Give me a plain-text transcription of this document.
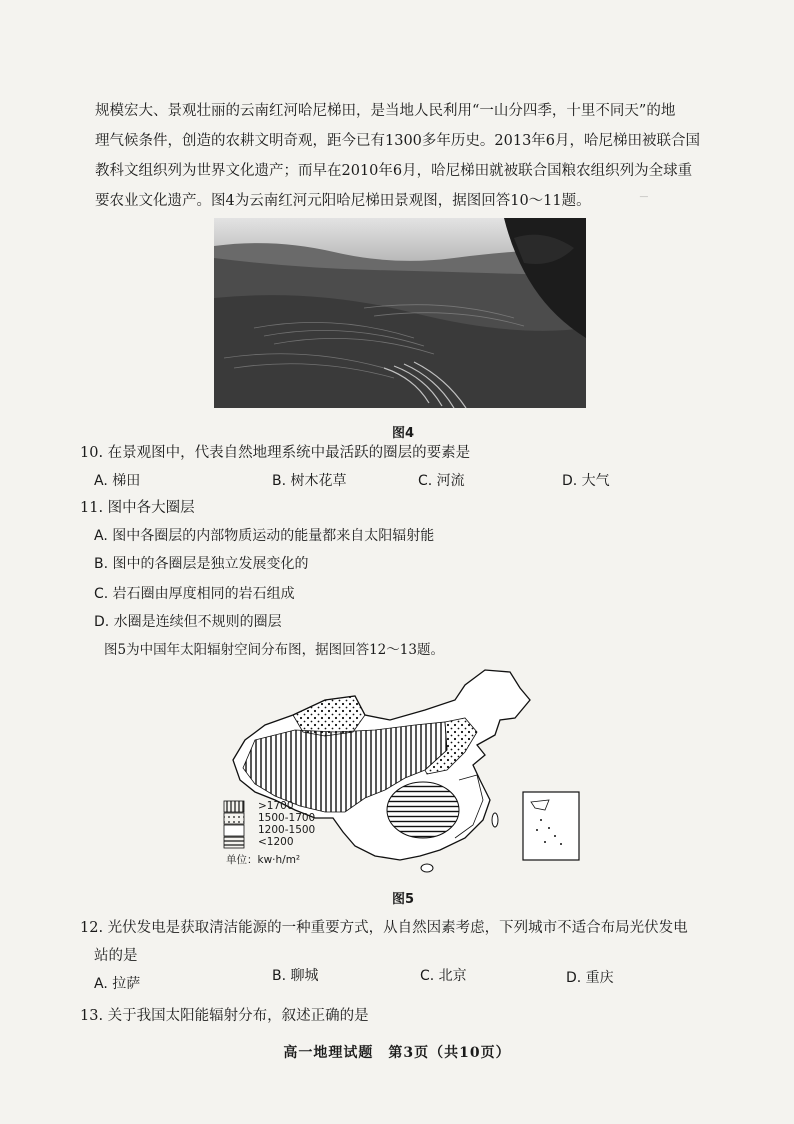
─

规模宏大、景观壮丽的云南红河哈尼梯田，是当地人民利用“一山分四季，十里不同天”的地

理气候条件，创造的农耕文明奇观，距今已有1300多年历史。2013年6月，哈尼梯田被联合国

教科文组织列为世界文化遗产；而早在2010年6月，哈尼梯田就被联合国粮农组织列为全球重

要农业文化遗产。图4为云南红河元阳哈尼梯田景观图，据图回答10～11题。

图4
10. 在景观图中，代表自然地理系统中最活跃的圈层的要素是
A. 梯田	B. 树木花草	C. 河流	D. 大气
11. 图中各大圈层
A. 图中各圈层的内部物质运动的能量都来自太阳辐射能
B. 图中的各圈层是独立发展变化的
C. 岩石圈由厚度相同的岩石组成
D. 水圈是连续但不规则的圈层
图5为中国年太阳辐射空间分布图，据图回答12～13题。
>1700
1500-1700
1200-1500
<1200
单位：kw·h/m²
图5
12. 光伏发电是获取清洁能源的一种重要方式，从自然因素考虑，下列城市不适合布局光伏发电
站的是
A. 拉萨	B. 聊城	C. 北京	D. 重庆
13. 关于我国太阳能辐射分布，叙述正确的是
高一地理试题　第3页（共10页）
